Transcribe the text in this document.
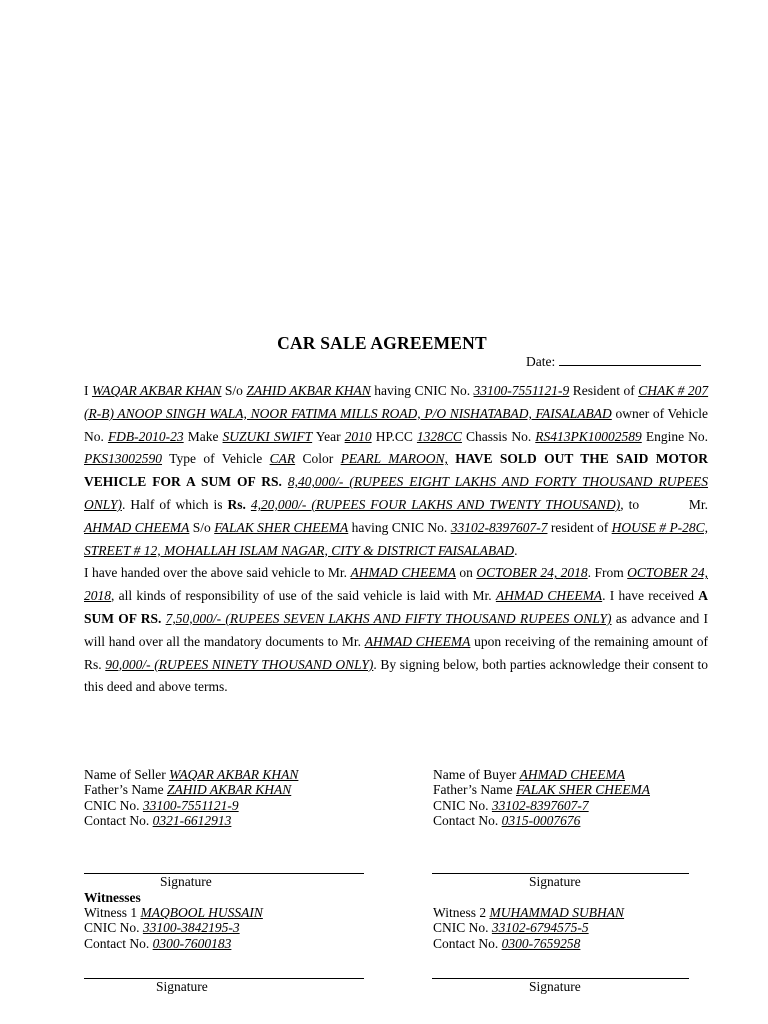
CAR SALE AGREEMENT
Date:

I WAQAR AKBAR KHAN S/o ZAHID AKBAR KHAN having CNIC No. 33100-7551121-9 Resident of CHAK # 207 (R-B) ANOOP SINGH WALA, NOOR FATIMA MILLS ROAD, P/O NISHATABAD, FAISALABAD owner of Vehicle No. FDB-2010-23 Make SUZUKI SWIFT Year 2010 HP.CC 1328CC Chassis No. RS413PK10002589 Engine No. PKS13002590 Type of Vehicle CAR Color PEARL MAROON, HAVE SOLD OUT THE SAID MOTOR VEHICLE FOR A SUM OF RS. 8,40,000/- (RUPEES EIGHT LAKHS AND FORTY THOUSAND RUPEES ONLY). Half of which is Rs. 4,20,000/- (RUPEES FOUR LAKHS AND TWENTY THOUSAND), to	Mr. AHMAD CHEEMA S/o FALAK SHER CHEEMA having CNIC No. 33102-8397607-7 resident of HOUSE # P-28C, STREET # 12, MOHALLAH ISLAM NAGAR, CITY & DISTRICT FAISALABAD.

I have handed over the above said vehicle to Mr. AHMAD CHEEMA on OCTOBER 24, 2018. From OCTOBER 24, 2018, all kinds of responsibility of use of the said vehicle is laid with Mr. AHMAD CHEEMA. I have received A SUM OF RS. 7,50,000/- (RUPEES SEVEN LAKHS AND FIFTY THOUSAND RUPEES ONLY) as advance and I will hand over all the mandatory documents to Mr. AHMAD CHEEMA upon receiving of the remaining amount of Rs. 90,000/- (RUPEES NINETY THOUSAND ONLY). By signing below, both parties acknowledge their consent to this deed and above terms.

Name of Seller WAQAR AKBAR KHAN
Father’s Name ZAHID AKBAR KHAN
CNIC No. 33100-7551121-9
Contact No. 0321-6612913
Name of Buyer AHMAD CHEEMA
Father’s Name FALAK SHER CHEEMA
CNIC No. 33102-8397607-7
Contact No. 0315-0007676
Signature	Signature
Witnesses
Witness 1 MAQBOOL HUSSAIN
CNIC No. 33100-3842195-3
Contact No. 0300-7600183
Witness 2 MUHAMMAD SUBHAN
CNIC No. 33102-6794575-5
Contact No. 0300-7659258
Signature	Signature
